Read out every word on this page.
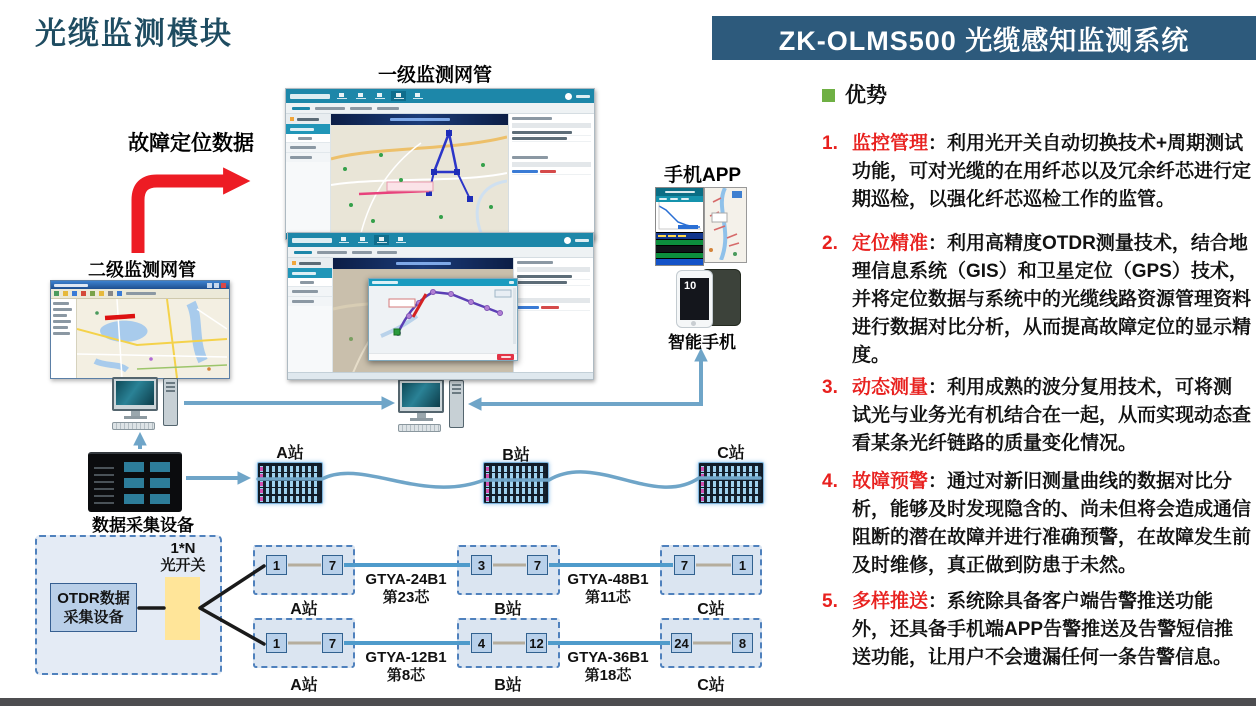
光缆监测模块	ZK-OLMS500 光缆感知监测系统
优势
1. 监控管理：利用光开关自动切换技术+周期测试功能，可对光缆的在用纤芯以及冗余纤芯进行定期巡检，以强化纤芯巡检工作的监管。
2. 定位精准：利用高精度OTDR测量技术，结合地理信息系统（GIS）和卫星定位（GPS）技术，并将定位数据与系统中的光缆线路资源管理资料进行数据对比分析，从而提高故障定位的显示精度。
3. 动态测量：利用成熟的波分复用技术，可将测试光与业务光有机结合在一起，从而实现动态查看某条光纤链路的质量变化情况。
4. 故障预警：通过对新旧测量曲线的数据对比分析，能够及时发现隐含的、尚未但将会造成通信阻断的潜在故障并进行准确预警，在故障发生前及时维修，真正做到防患于未然。
5. 多样推送：系统除具备客户端告警推送功能外，还具备手机端APP告警推送及告警短信推送功能，让用户不会遗漏任何一条告警信息。
10
OTDR数据
采集设备
故障定位数据
一级监测网管
二级监测网管
手机APP
智能手机
数据采集设备
A站	B站	C站
1*N
光开关	1	7	3	7	7	1
1	7	4	12	24	8
GTYA-24B1
第23芯
GTYA-48B1
第11芯
GTYA-12B1
第8芯
GTYA-36B1
第18芯
A站	B站	C站
A站	B站	C站
